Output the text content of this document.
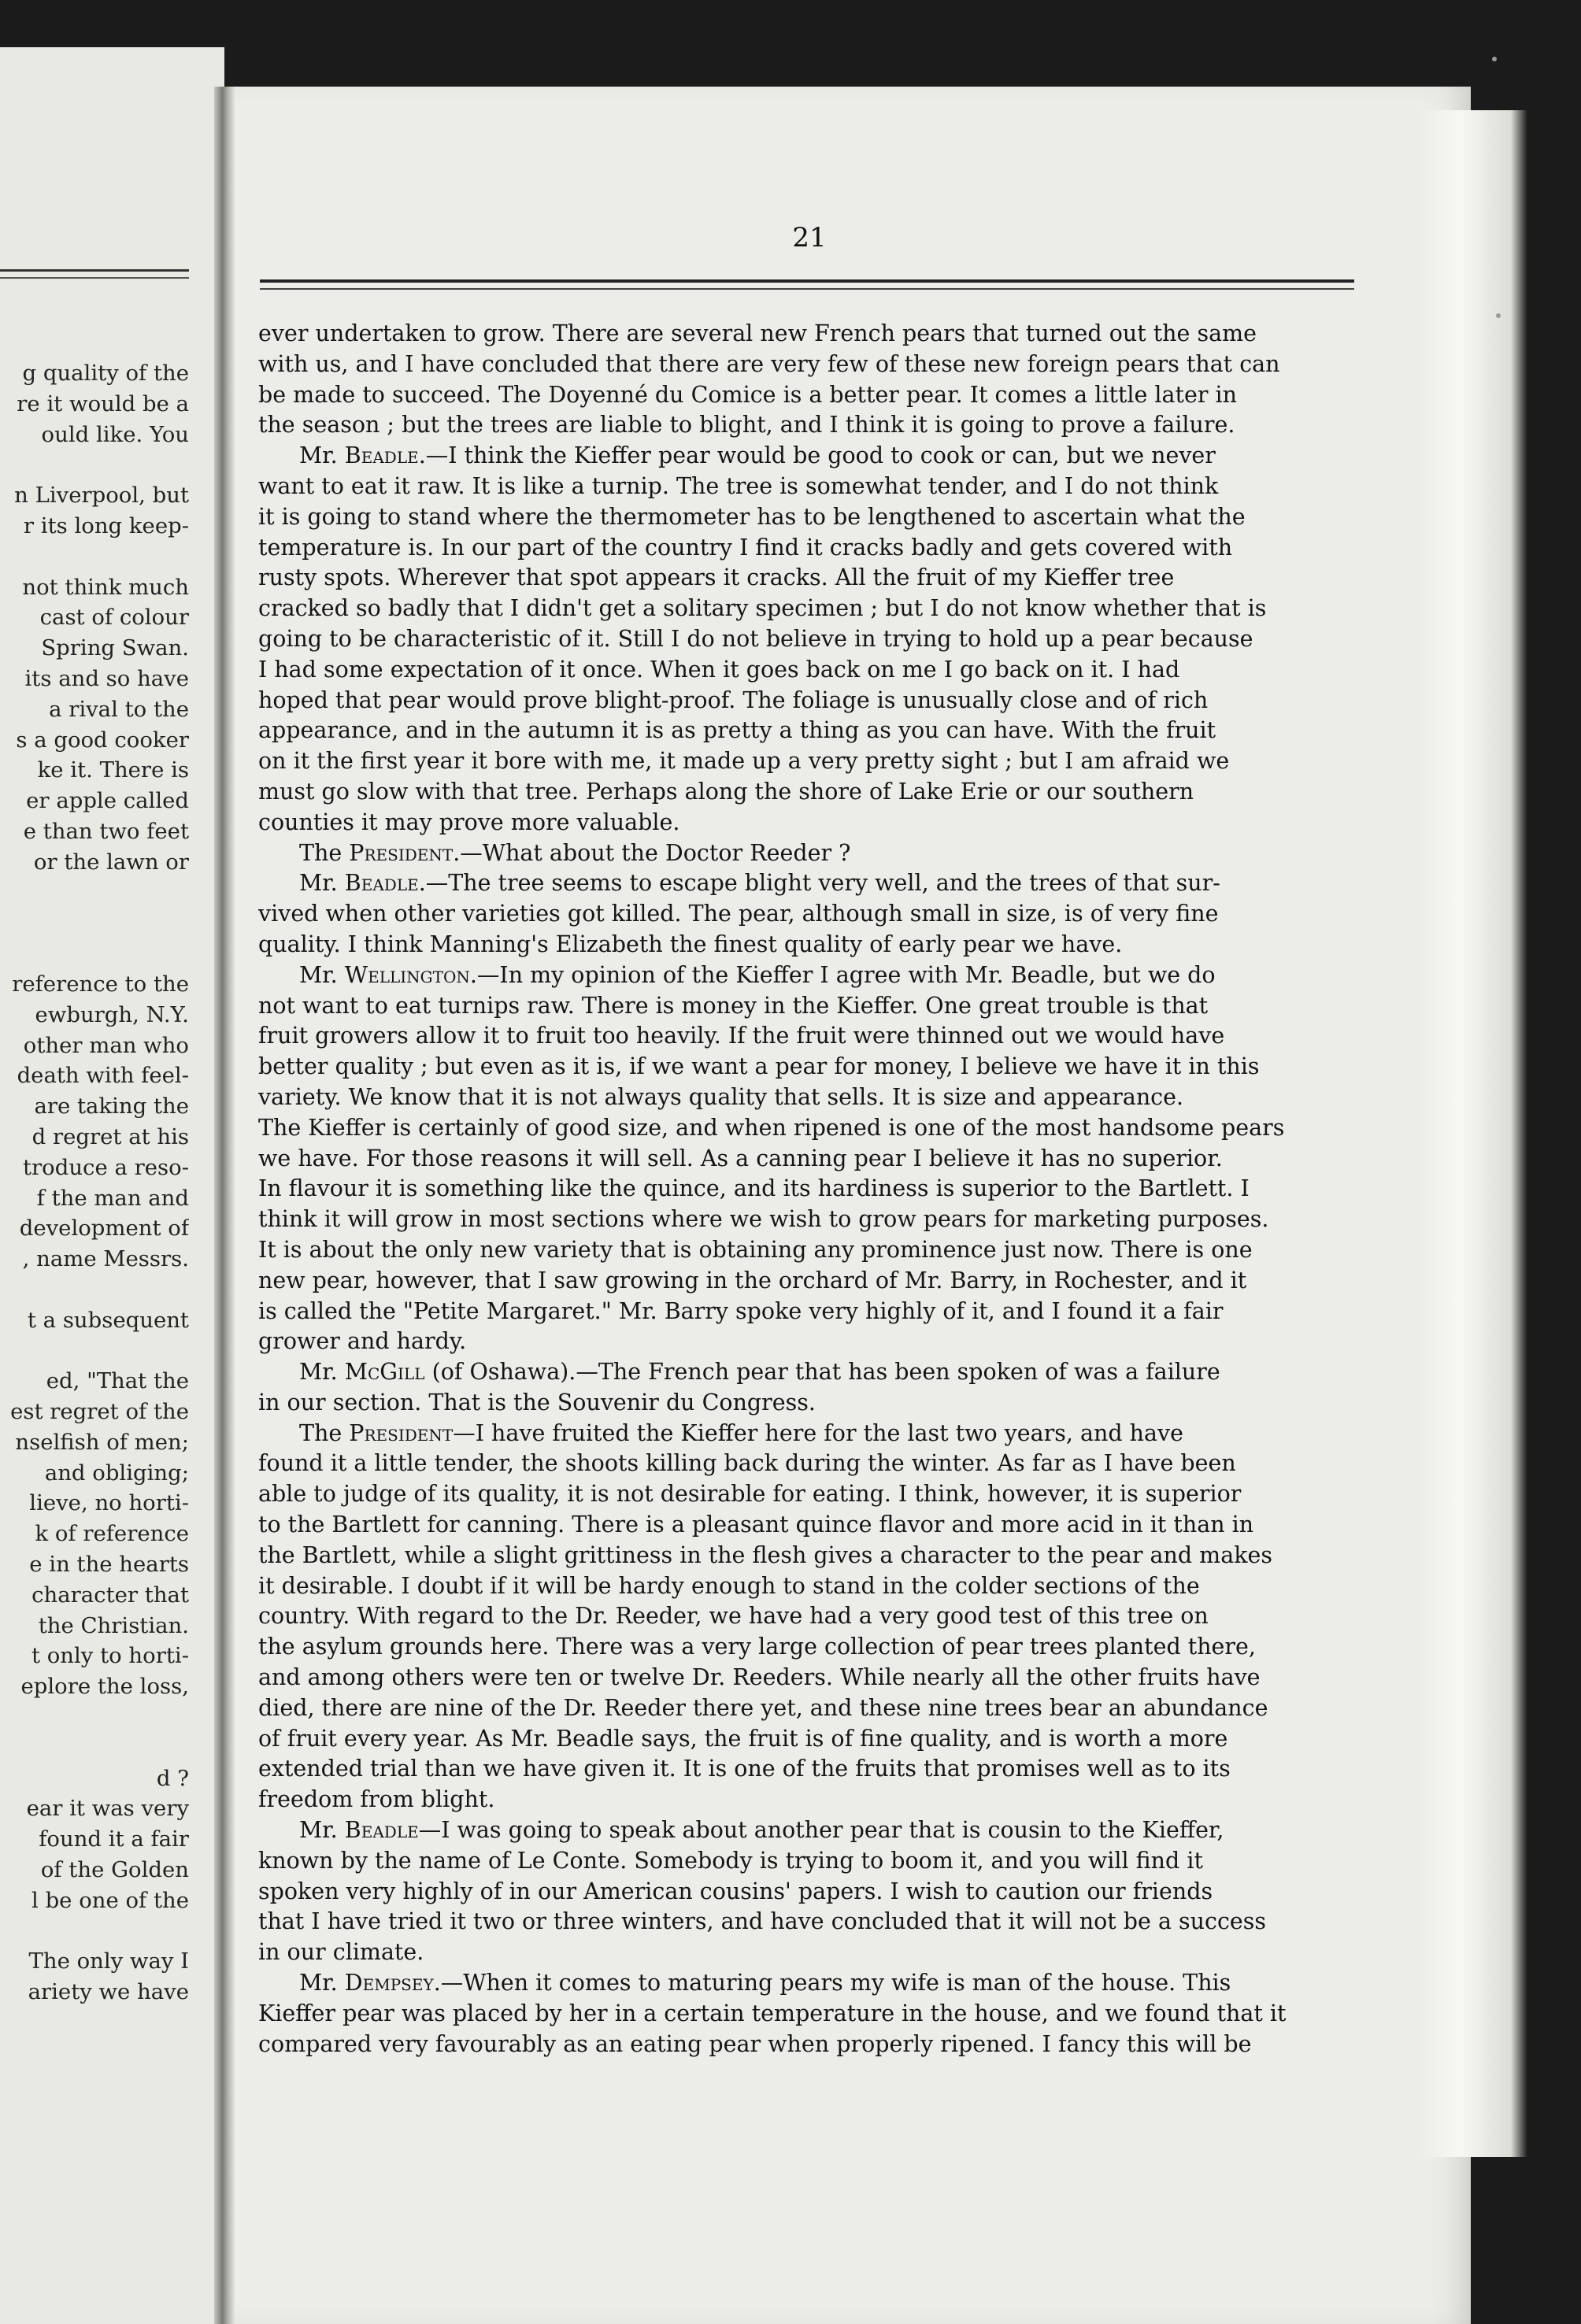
g quality of the
re it would be a
ould like. You
n Liverpool, but
r its long keep-
not think much
cast of colour
Spring Swan.
its and so have
a rival to the
s a good cooker
ke it. There is
er apple called
e than two feet
or the lawn or
reference to the
ewburgh, N.Y.
other man who
death with feel-
are taking the
d regret at his
troduce a reso-
f the man and
development of
, name Messrs.
t a subsequent
ed, "That the
est regret of the
nselfish of men;
and obliging;
lieve, no horti-
k of reference
e in the hearts
character that
the Christian.
t only to horti-
eplore the loss,
d ?
ear it was very
found it a fair
of the Golden
l be one of the
The only way I
ariety we have
21
ever undertaken to grow. There are several new French pears that turned out the same
with us, and I have concluded that there are very few of these new foreign pears that can
be made to succeed. The Doyenné du Comice is a better pear. It comes a little later in
the season ; but the trees are liable to blight, and I think it is going to prove a failure.
Mr. Beadle.—I think the Kieffer pear would be good to cook or can, but we never
want to eat it raw. It is like a turnip. The tree is somewhat tender, and I do not think
it is going to stand where the thermometer has to be lengthened to ascertain what the
temperature is. In our part of the country I find it cracks badly and gets covered with
rusty spots. Wherever that spot appears it cracks. All the fruit of my Kieffer tree
cracked so badly that I didn't get a solitary specimen ; but I do not know whether that is
going to be characteristic of it. Still I do not believe in trying to hold up a pear because
I had some expectation of it once. When it goes back on me I go back on it. I had
hoped that pear would prove blight-proof. The foliage is unusually close and of rich
appearance, and in the autumn it is as pretty a thing as you can have. With the fruit
on it the first year it bore with me, it made up a very pretty sight ; but I am afraid we
must go slow with that tree. Perhaps along the shore of Lake Erie or our southern
counties it may prove more valuable.
The President.—What about the Doctor Reeder ?
Mr. Beadle.—The tree seems to escape blight very well, and the trees of that sur-
vived when other varieties got killed. The pear, although small in size, is of very fine
quality. I think Manning's Elizabeth the finest quality of early pear we have.
Mr. Wellington.—In my opinion of the Kieffer I agree with Mr. Beadle, but we do
not want to eat turnips raw. There is money in the Kieffer. One great trouble is that
fruit growers allow it to fruit too heavily. If the fruit were thinned out we would have
better quality ; but even as it is, if we want a pear for money, I believe we have it in this
variety. We know that it is not always quality that sells. It is size and appearance.
The Kieffer is certainly of good size, and when ripened is one of the most handsome pears
we have. For those reasons it will sell. As a canning pear I believe it has no superior.
In flavour it is something like the quince, and its hardiness is superior to the Bartlett. I
think it will grow in most sections where we wish to grow pears for marketing purposes.
It is about the only new variety that is obtaining any prominence just now. There is one
new pear, however, that I saw growing in the orchard of Mr. Barry, in Rochester, and it
is called the "Petite Margaret." Mr. Barry spoke very highly of it, and I found it a fair
grower and hardy.
Mr. McGill (of Oshawa).—The French pear that has been spoken of was a failure
in our section. That is the Souvenir du Congress.
The President—I have fruited the Kieffer here for the last two years, and have
found it a little tender, the shoots killing back during the winter. As far as I have been
able to judge of its quality, it is not desirable for eating. I think, however, it is superior
to the Bartlett for canning. There is a pleasant quince flavor and more acid in it than in
the Bartlett, while a slight grittiness in the flesh gives a character to the pear and makes
it desirable. I doubt if it will be hardy enough to stand in the colder sections of the
country. With regard to the Dr. Reeder, we have had a very good test of this tree on
the asylum grounds here. There was a very large collection of pear trees planted there,
and among others were ten or twelve Dr. Reeders. While nearly all the other fruits have
died, there are nine of the Dr. Reeder there yet, and these nine trees bear an abundance
of fruit every year. As Mr. Beadle says, the fruit is of fine quality, and is worth a more
extended trial than we have given it. It is one of the fruits that promises well as to its
freedom from blight.
Mr. Beadle—I was going to speak about another pear that is cousin to the Kieffer,
known by the name of Le Conte. Somebody is trying to boom it, and you will find it
spoken very highly of in our American cousins' papers. I wish to caution our friends
that I have tried it two or three winters, and have concluded that it will not be a success
in our climate.
Mr. Dempsey.—When it comes to maturing pears my wife is man of the house. This
Kieffer pear was placed by her in a certain temperature in the house, and we found that it
compared very favourably as an eating pear when properly ripened. I fancy this will be
